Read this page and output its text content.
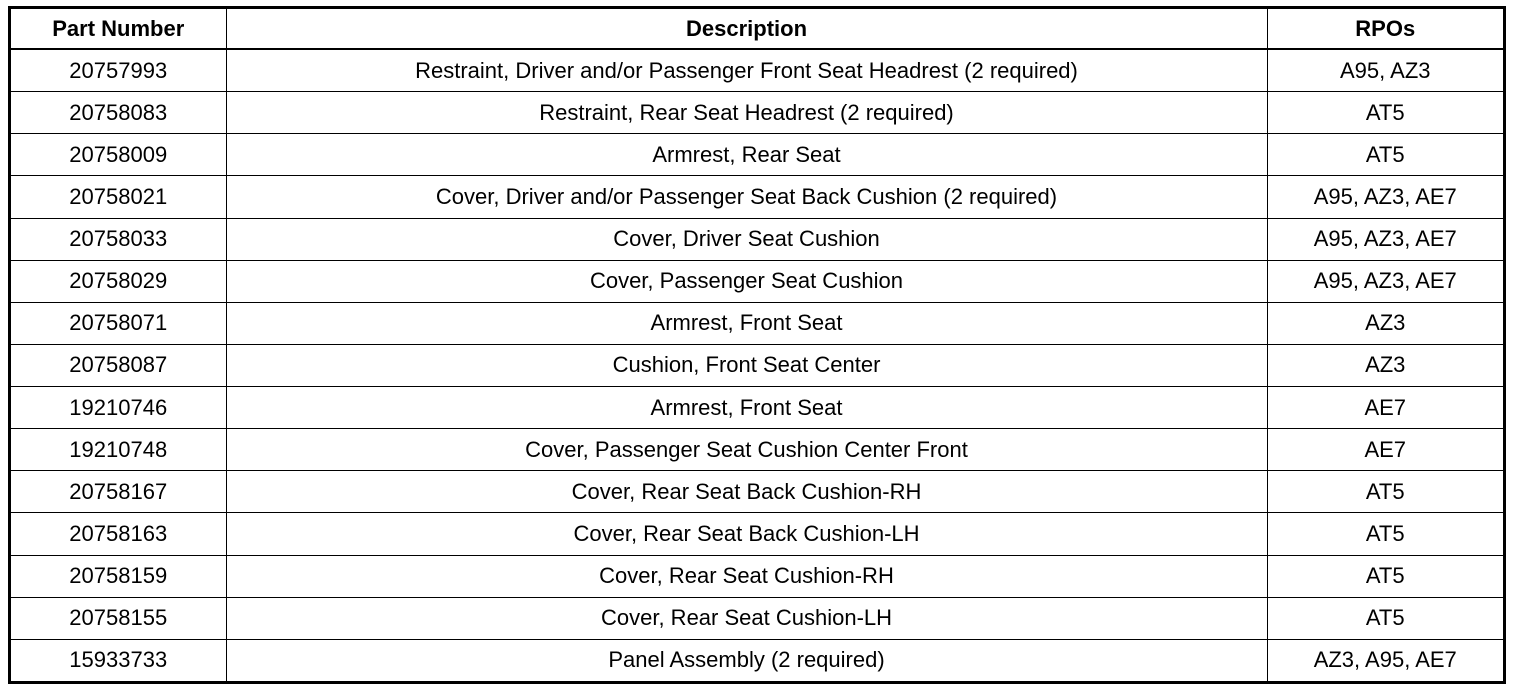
Part Number	Description	RPOs
20757993	Restraint, Driver and/or Passenger Front Seat Headrest (2 required)	A95, AZ3
20758083	Restraint, Rear Seat Headrest (2 required)	AT5
20758009	Armrest, Rear Seat	AT5
20758021	Cover, Driver and/or Passenger Seat Back Cushion (2 required)	A95, AZ3, AE7
20758033	Cover, Driver Seat Cushion	A95, AZ3, AE7
20758029	Cover, Passenger Seat Cushion	A95, AZ3, AE7
20758071	Armrest, Front Seat	AZ3
20758087	Cushion, Front Seat Center	AZ3
19210746	Armrest, Front Seat	AE7
19210748	Cover, Passenger Seat Cushion Center Front	AE7
20758167	Cover, Rear Seat Back Cushion-RH	AT5
20758163	Cover, Rear Seat Back Cushion-LH	AT5
20758159	Cover, Rear Seat Cushion-RH	AT5
20758155	Cover, Rear Seat Cushion-LH	AT5
15933733	Panel Assembly (2 required)	AZ3, A95, AE7
